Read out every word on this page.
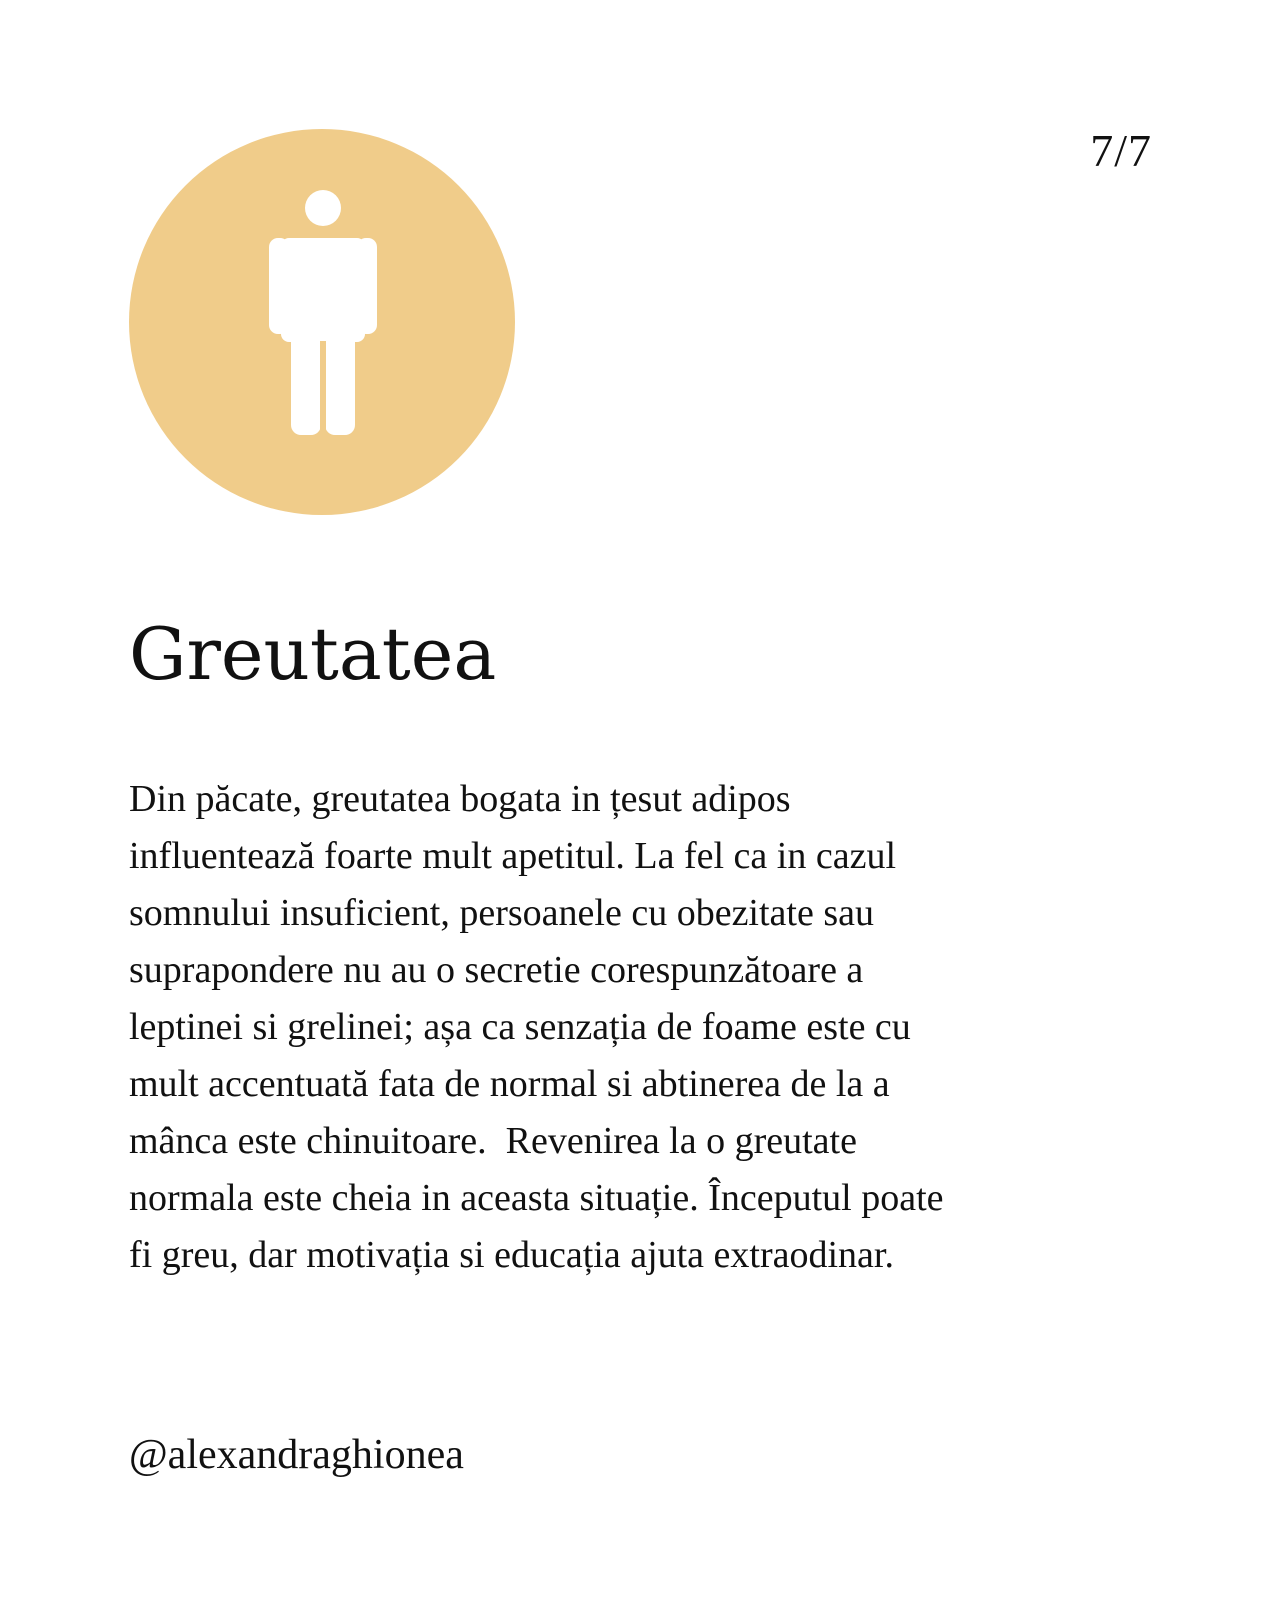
7/7
Greutatea
Din păcate, greutatea bogata in țesut adipos
influentează foarte mult apetitul. La fel ca in cazul
somnului insuficient, persoanele cu obezitate sau
suprapondere nu au o secretie corespunzătoare a
leptinei si grelinei; așa ca senzația de foame este cu
mult accentuată fata de normal si abtinerea de la a
mânca este chinuitoare.  Revenirea la o greutate
normala este cheia in aceasta situație. Începutul poate
fi greu, dar motivația si educația ajuta extraodinar.
@alexandraghionea
